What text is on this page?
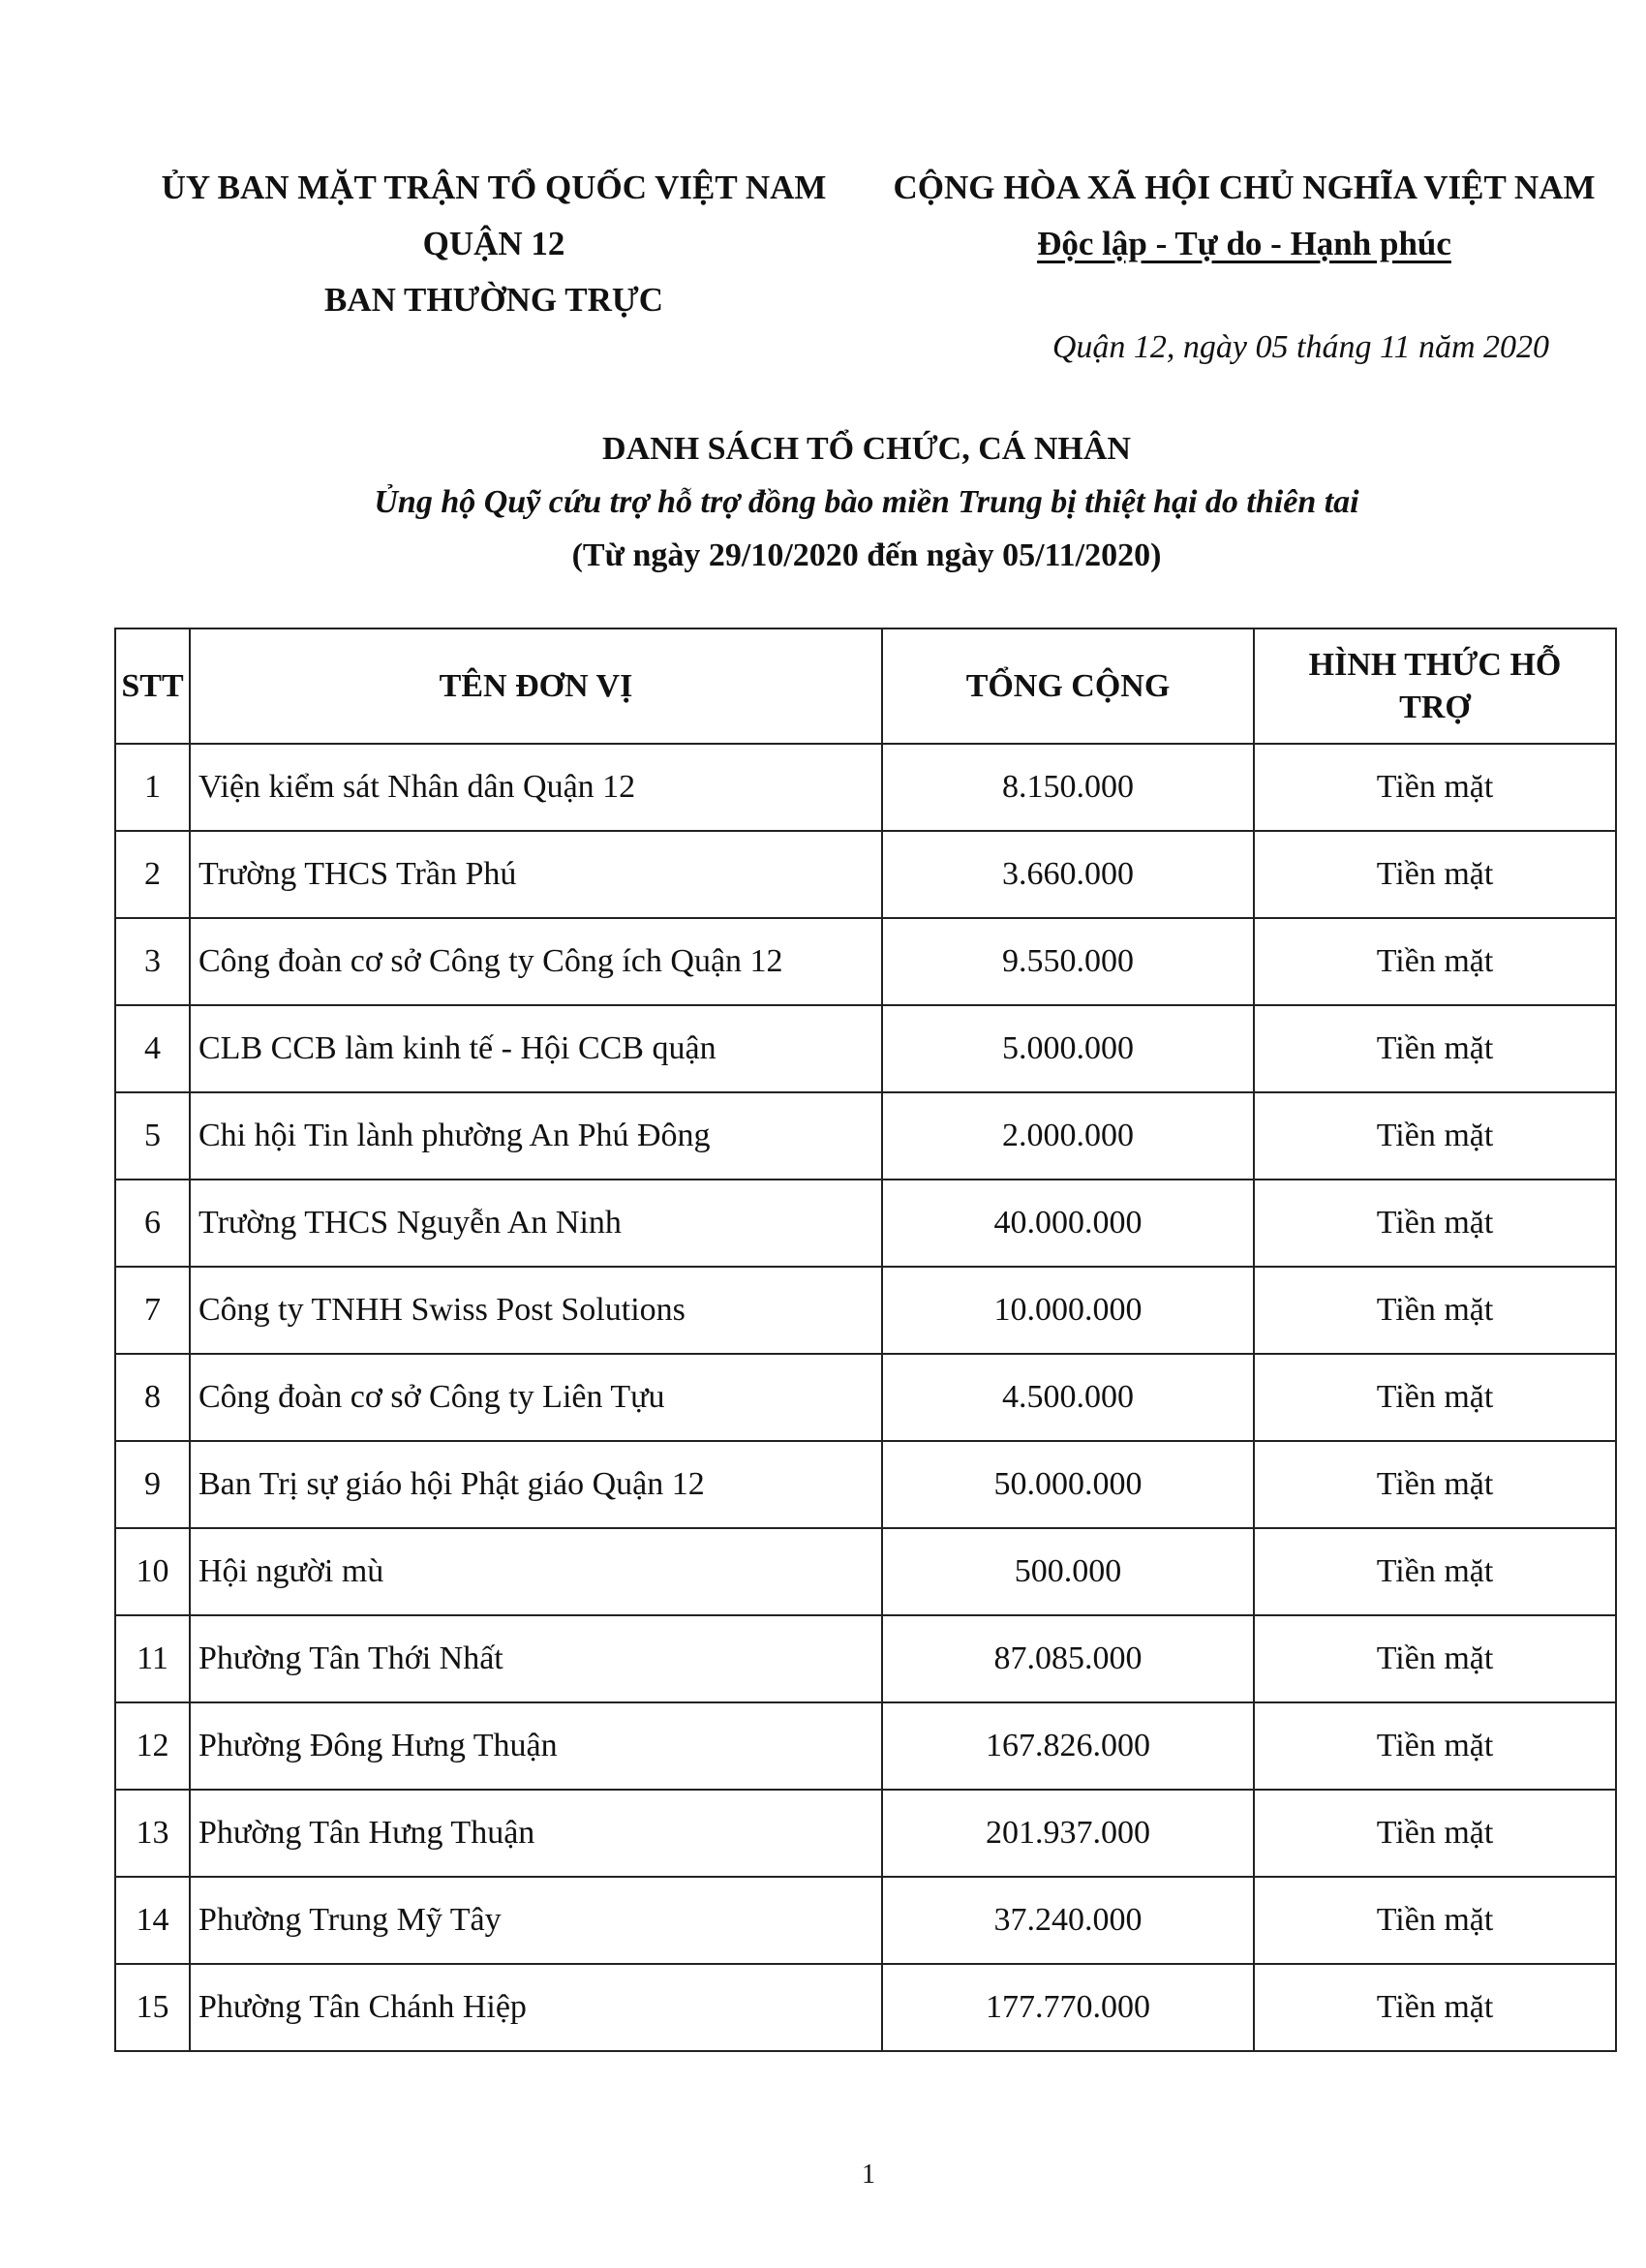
ỦY BAN MẶT TRẬN TỔ QUỐC VIỆT NAM
QUẬN 12
BAN THƯỜNG TRỰC
CỘNG HÒA XÃ HỘI CHỦ NGHĨA VIỆT NAM
Độc lập - Tự do - Hạnh phúc
Quận 12, ngày 05 tháng 11 năm 2020
DANH SÁCH TỔ CHỨC, CÁ NHÂN
Ủng hộ Quỹ cứu trợ hỗ trợ đồng bào miền Trung bị thiệt hại do thiên tai
(Từ ngày 29/10/2020 đến ngày 05/11/2020)
STT	TÊN ĐƠN VỊ	TỔNG CỘNG	HÌNH THỨC HỖ TRỢ
1	Viện kiểm sát Nhân dân Quận 12	8.150.000	Tiền mặt
2	Trường THCS Trần Phú	3.660.000	Tiền mặt
3	Công đoàn cơ sở Công ty Công ích Quận 12	9.550.000	Tiền mặt
4	CLB CCB làm kinh tế - Hội CCB quận	5.000.000	Tiền mặt
5	Chi hội Tin lành phường An Phú Đông	2.000.000	Tiền mặt
6	Trường THCS Nguyễn An Ninh	40.000.000	Tiền mặt
7	Công ty TNHH Swiss Post Solutions	10.000.000	Tiền mặt
8	Công đoàn cơ sở Công ty Liên Tựu	4.500.000	Tiền mặt
9	Ban Trị sự giáo hội Phật giáo Quận 12	50.000.000	Tiền mặt
10	Hội người mù	500.000	Tiền mặt
11	Phường Tân Thới Nhất	87.085.000	Tiền mặt
12	Phường Đông Hưng Thuận	167.826.000	Tiền mặt
13	Phường Tân Hưng Thuận	201.937.000	Tiền mặt
14	Phường Trung Mỹ Tây	37.240.000	Tiền mặt
15	Phường Tân Chánh Hiệp	177.770.000	Tiền mặt
1
